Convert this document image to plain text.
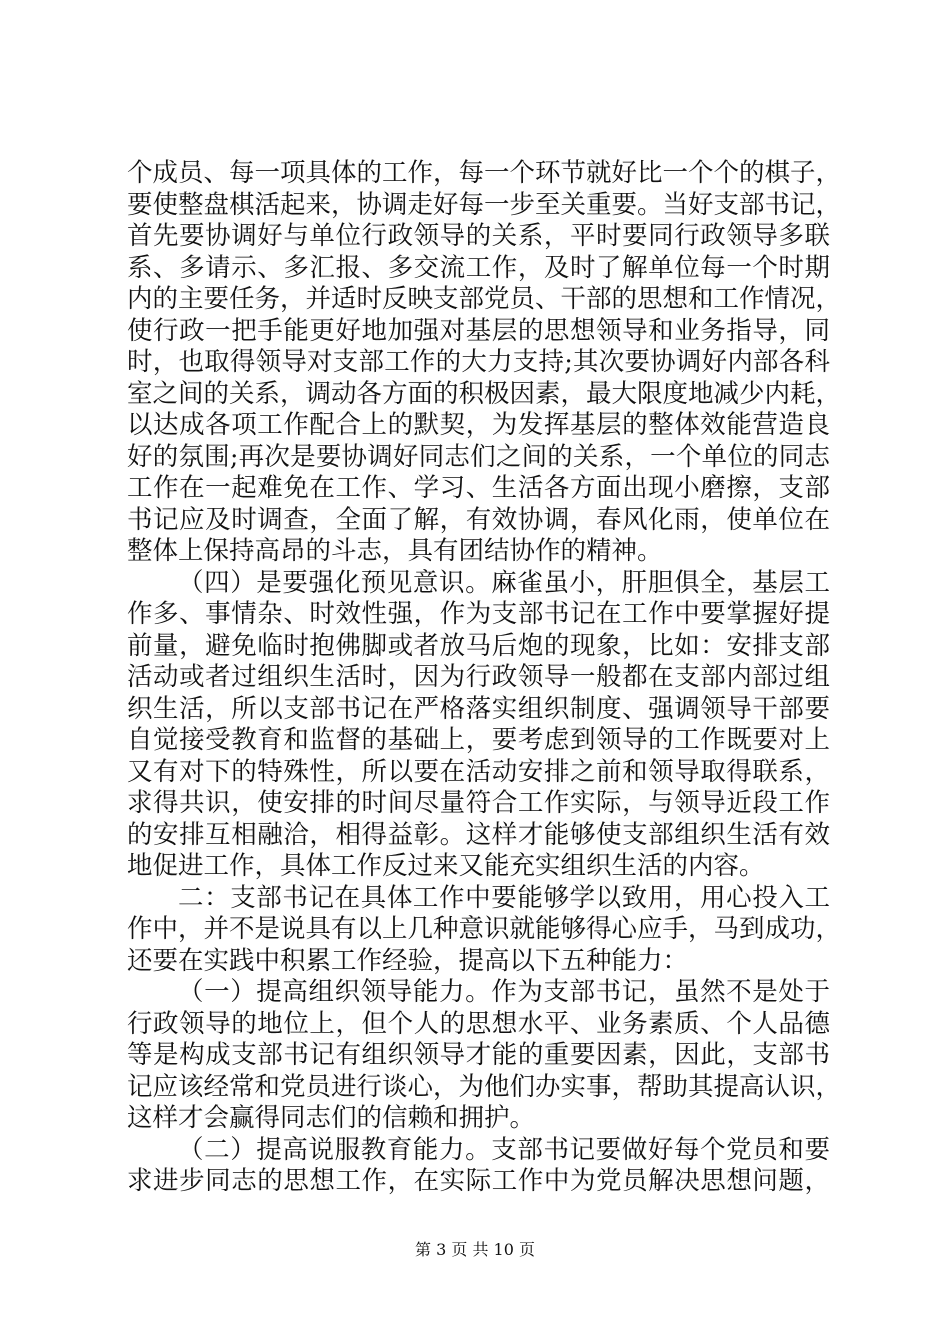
个成员、每一项具体的工作，每一个环节就好比一个个的棋子，
要使整盘棋活起来，协调走好每一步至关重要。当好支部书记，
首先要协调好与单位行政领导的关系，平时要同行政领导多联
系、多请示、多汇报、多交流工作，及时了解单位每一个时期
内的主要任务，并适时反映支部党员、干部的思想和工作情况，
使行政一把手能更好地加强对基层的思想领导和业务指导，同
时，也取得领导对支部工作的大力支持;其次要协调好内部各科
室之间的关系，调动各方面的积极因素，最大限度地减少内耗，
以达成各项工作配合上的默契，为发挥基层的整体效能营造良
好的氛围;再次是要协调好同志们之间的关系，一个单位的同志
工作在一起难免在工作、学习、生活各方面出现小磨擦，支部
书记应及时调查，全面了解，有效协调，春风化雨，使单位在
整体上保持高昂的斗志，具有团结协作的精神。
（四）是要强化预见意识。麻雀虽小，肝胆俱全，基层工
作多、事情杂、时效性强，作为支部书记在工作中要掌握好提
前量，避免临时抱佛脚或者放马后炮的现象，比如：安排支部
活动或者过组织生活时，因为行政领导一般都在支部内部过组
织生活，所以支部书记在严格落实组织制度、强调领导干部要
自觉接受教育和监督的基础上，要考虑到领导的工作既要对上
又有对下的特殊性，所以要在活动安排之前和领导取得联系，
求得共识，使安排的时间尽量符合工作实际，与领导近段工作
的安排互相融洽，相得益彰。这样才能够使支部组织生活有效
地促进工作，具体工作反过来又能充实组织生活的内容。
二：支部书记在具体工作中要能够学以致用，用心投入工
作中，并不是说具有以上几种意识就能够得心应手，马到成功，
还要在实践中积累工作经验，提高以下五种能力：
（一）提高组织领导能力。作为支部书记，虽然不是处于
行政领导的地位上，但个人的思想水平、业务素质、个人品德
等是构成支部书记有组织领导才能的重要因素，因此，支部书
记应该经常和党员进行谈心，为他们办实事，帮助其提高认识，
这样才会赢得同志们的信赖和拥护。
（二）提高说服教育能力。支部书记要做好每个党员和要
求进步同志的思想工作，在实际工作中为党员解决思想问题，
第 3 页 共 10 页
